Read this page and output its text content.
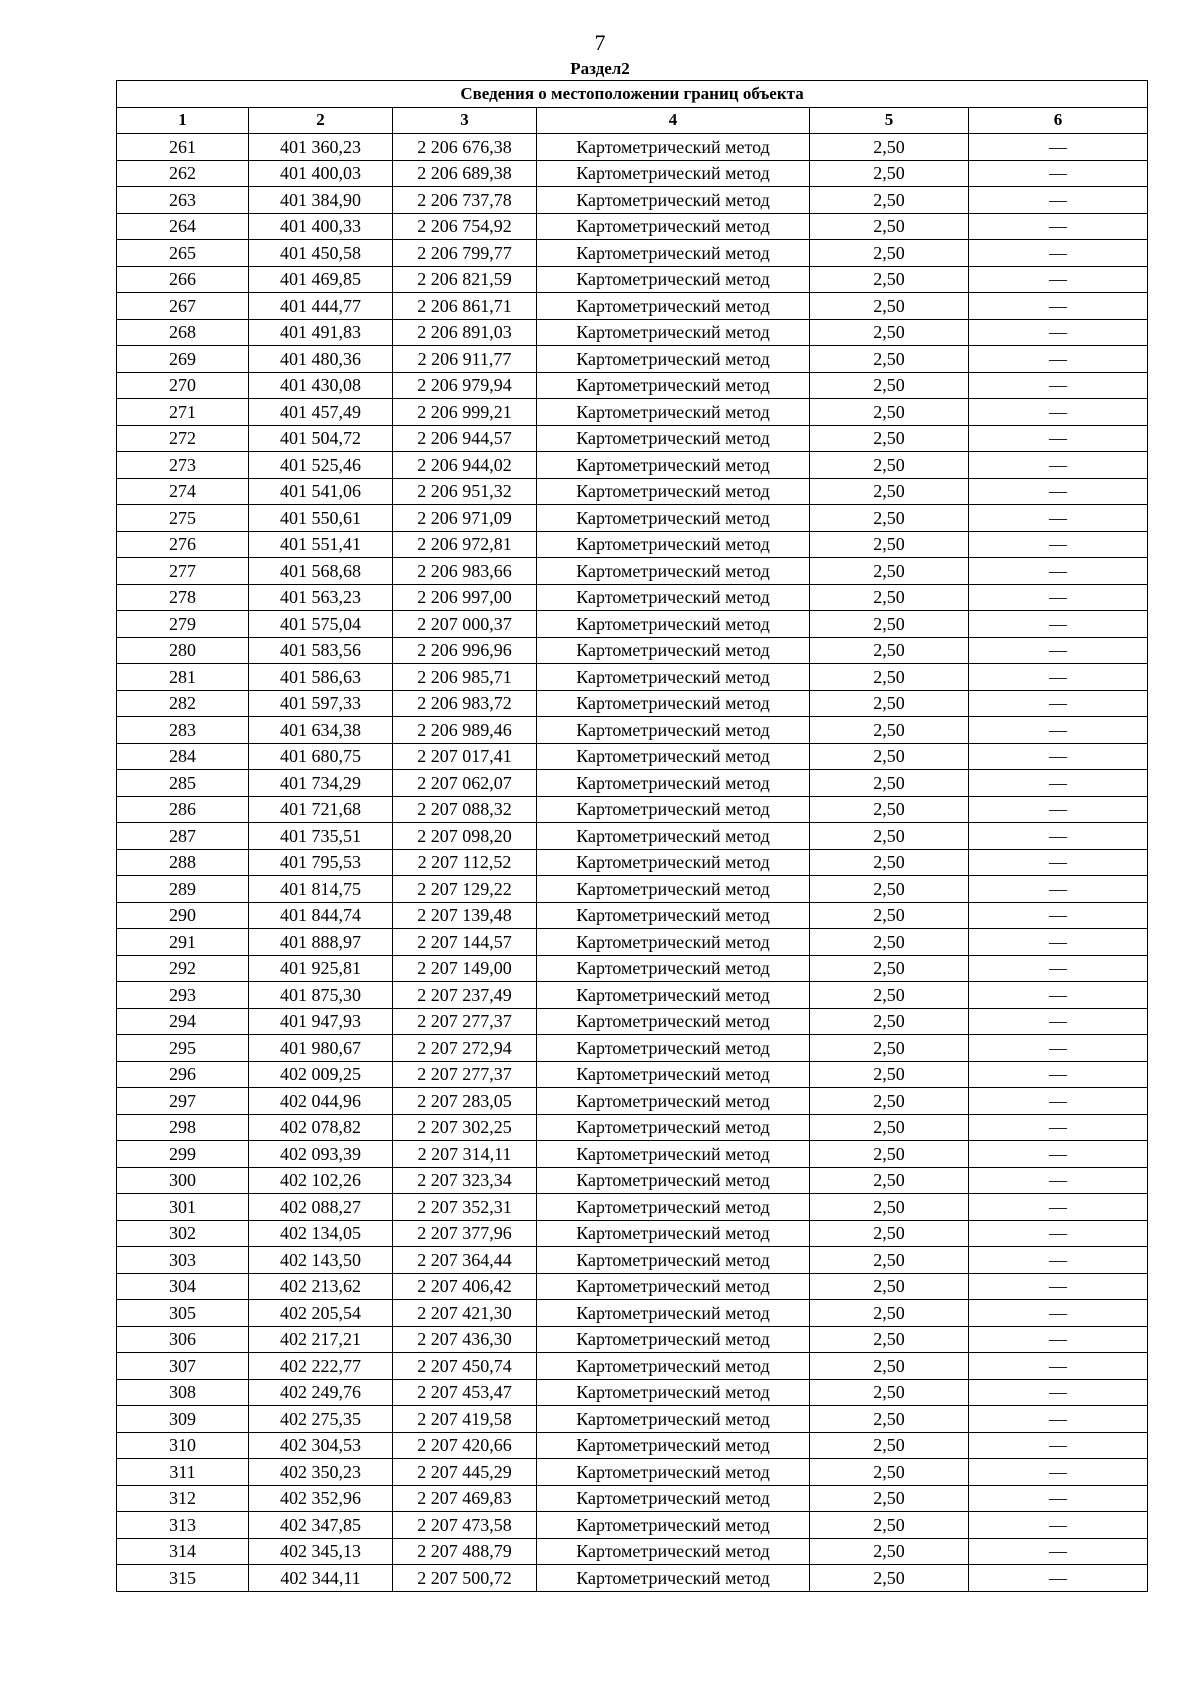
7
Раздел2
Сведения о местоположении границ объекта					
1	2	3	4	5	6
261	401 360,23	2 206 676,38	Картометрический метод	2,50	—
262	401 400,03	2 206 689,38	Картометрический метод	2,50	—
263	401 384,90	2 206 737,78	Картометрический метод	2,50	—
264	401 400,33	2 206 754,92	Картометрический метод	2,50	—
265	401 450,58	2 206 799,77	Картометрический метод	2,50	—
266	401 469,85	2 206 821,59	Картометрический метод	2,50	—
267	401 444,77	2 206 861,71	Картометрический метод	2,50	—
268	401 491,83	2 206 891,03	Картометрический метод	2,50	—
269	401 480,36	2 206 911,77	Картометрический метод	2,50	—
270	401 430,08	2 206 979,94	Картометрический метод	2,50	—
271	401 457,49	2 206 999,21	Картометрический метод	2,50	—
272	401 504,72	2 206 944,57	Картометрический метод	2,50	—
273	401 525,46	2 206 944,02	Картометрический метод	2,50	—
274	401 541,06	2 206 951,32	Картометрический метод	2,50	—
275	401 550,61	2 206 971,09	Картометрический метод	2,50	—
276	401 551,41	2 206 972,81	Картометрический метод	2,50	—
277	401 568,68	2 206 983,66	Картометрический метод	2,50	—
278	401 563,23	2 206 997,00	Картометрический метод	2,50	—
279	401 575,04	2 207 000,37	Картометрический метод	2,50	—
280	401 583,56	2 206 996,96	Картометрический метод	2,50	—
281	401 586,63	2 206 985,71	Картометрический метод	2,50	—
282	401 597,33	2 206 983,72	Картометрический метод	2,50	—
283	401 634,38	2 206 989,46	Картометрический метод	2,50	—
284	401 680,75	2 207 017,41	Картометрический метод	2,50	—
285	401 734,29	2 207 062,07	Картометрический метод	2,50	—
286	401 721,68	2 207 088,32	Картометрический метод	2,50	—
287	401 735,51	2 207 098,20	Картометрический метод	2,50	—
288	401 795,53	2 207 112,52	Картометрический метод	2,50	—
289	401 814,75	2 207 129,22	Картометрический метод	2,50	—
290	401 844,74	2 207 139,48	Картометрический метод	2,50	—
291	401 888,97	2 207 144,57	Картометрический метод	2,50	—
292	401 925,81	2 207 149,00	Картометрический метод	2,50	—
293	401 875,30	2 207 237,49	Картометрический метод	2,50	—
294	401 947,93	2 207 277,37	Картометрический метод	2,50	—
295	401 980,67	2 207 272,94	Картометрический метод	2,50	—
296	402 009,25	2 207 277,37	Картометрический метод	2,50	—
297	402 044,96	2 207 283,05	Картометрический метод	2,50	—
298	402 078,82	2 207 302,25	Картометрический метод	2,50	—
299	402 093,39	2 207 314,11	Картометрический метод	2,50	—
300	402 102,26	2 207 323,34	Картометрический метод	2,50	—
301	402 088,27	2 207 352,31	Картометрический метод	2,50	—
302	402 134,05	2 207 377,96	Картометрический метод	2,50	—
303	402 143,50	2 207 364,44	Картометрический метод	2,50	—
304	402 213,62	2 207 406,42	Картометрический метод	2,50	—
305	402 205,54	2 207 421,30	Картометрический метод	2,50	—
306	402 217,21	2 207 436,30	Картометрический метод	2,50	—
307	402 222,77	2 207 450,74	Картометрический метод	2,50	—
308	402 249,76	2 207 453,47	Картометрический метод	2,50	—
309	402 275,35	2 207 419,58	Картометрический метод	2,50	—
310	402 304,53	2 207 420,66	Картометрический метод	2,50	—
311	402 350,23	2 207 445,29	Картометрический метод	2,50	—
312	402 352,96	2 207 469,83	Картометрический метод	2,50	—
313	402 347,85	2 207 473,58	Картометрический метод	2,50	—
314	402 345,13	2 207 488,79	Картометрический метод	2,50	—
315	402 344,11	2 207 500,72	Картометрический метод	2,50	—
